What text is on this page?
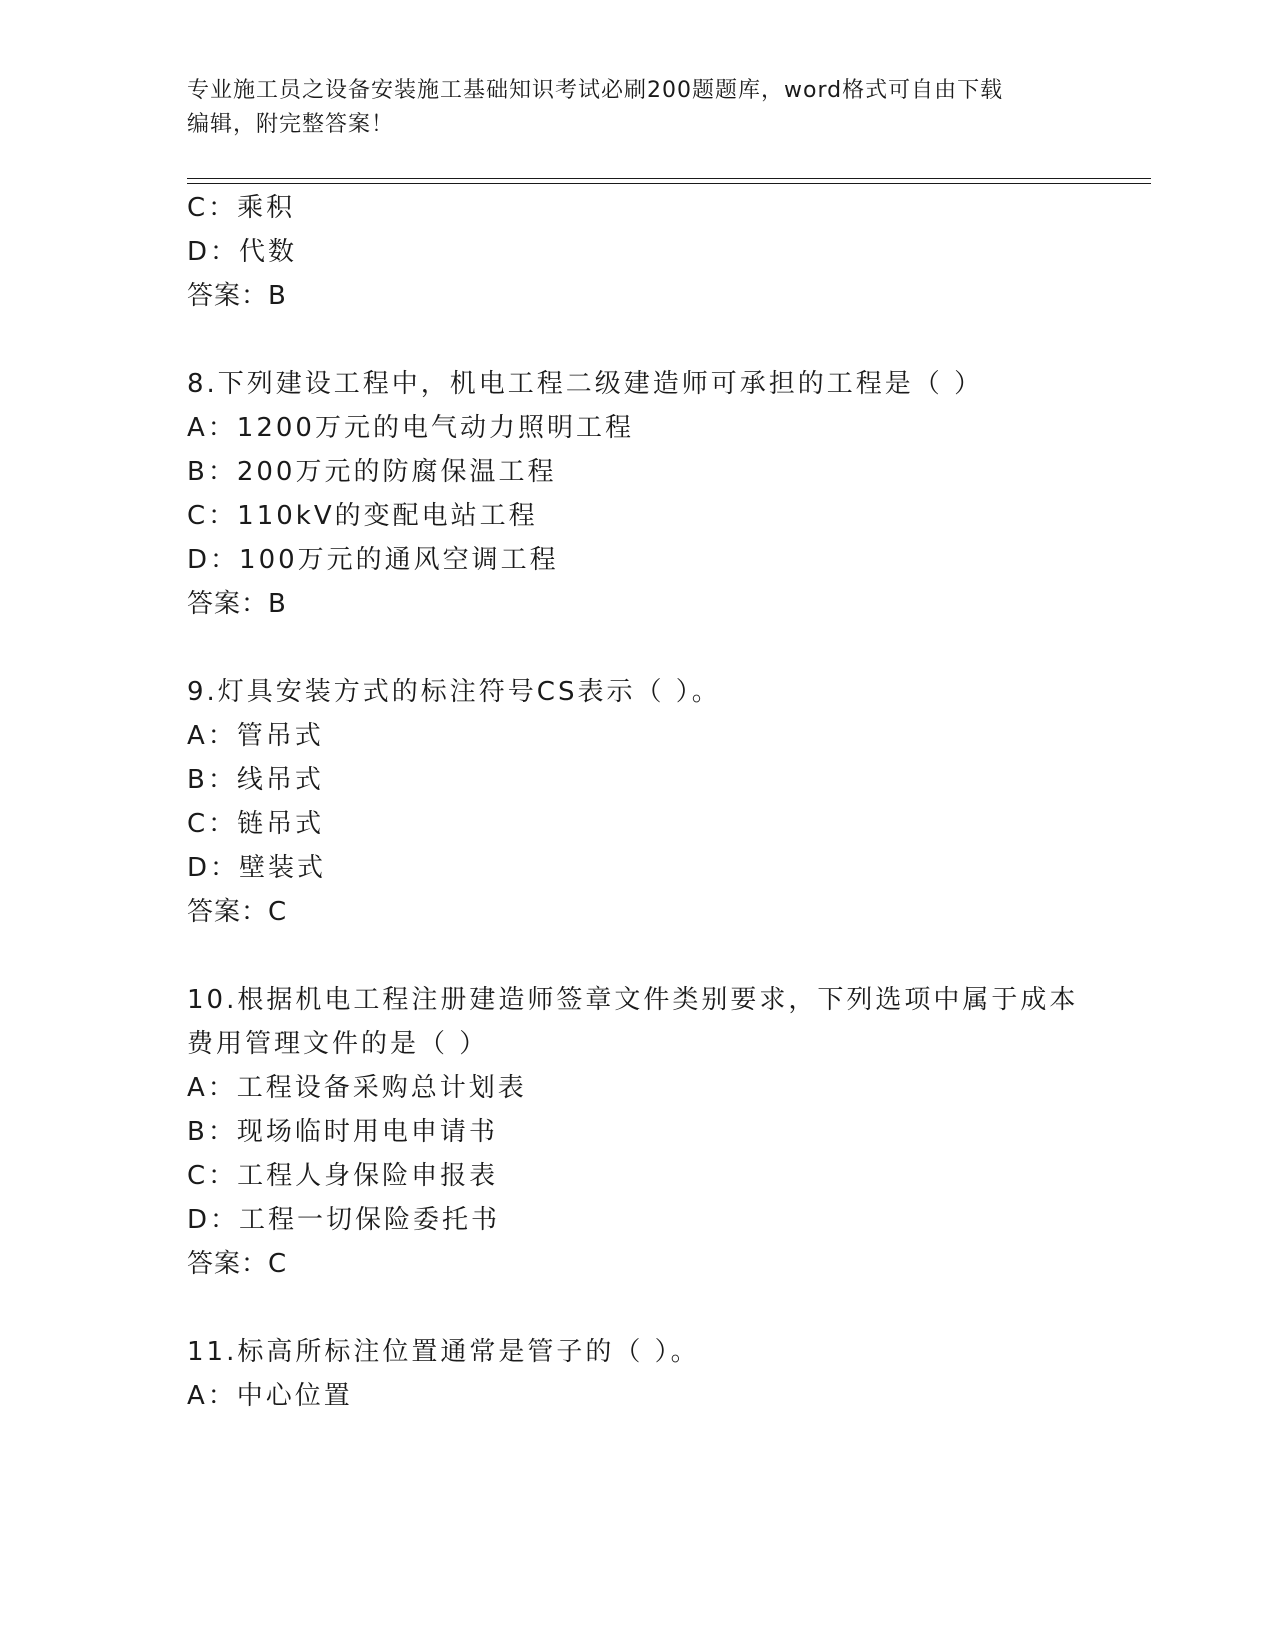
专业施工员之设备安装施工基础知识考试必刷200题题库，word格式可自由下载
编辑，附完整答案！
C：乘积
D：代数
答案：B
8.下列建设工程中，机电工程二级建造师可承担的工程是（ ）
A：1200万元的电气动力照明工程
B：200万元的防腐保温工程
C：110kV的变配电站工程
D：100万元的通风空调工程
答案：B
9.灯具安装方式的标注符号CS表示（ ）。
A：管吊式
B：线吊式
C：链吊式
D：壁装式
答案：C
10.根据机电工程注册建造师签章文件类别要求，下列选项中属于成本
费用管理文件的是（ ）
A：工程设备采购总计划表
B：现场临时用电申请书
C：工程人身保险申报表
D：工程一切保险委托书
答案：C
11.标高所标注位置通常是管子的（ ）。
A：中心位置
